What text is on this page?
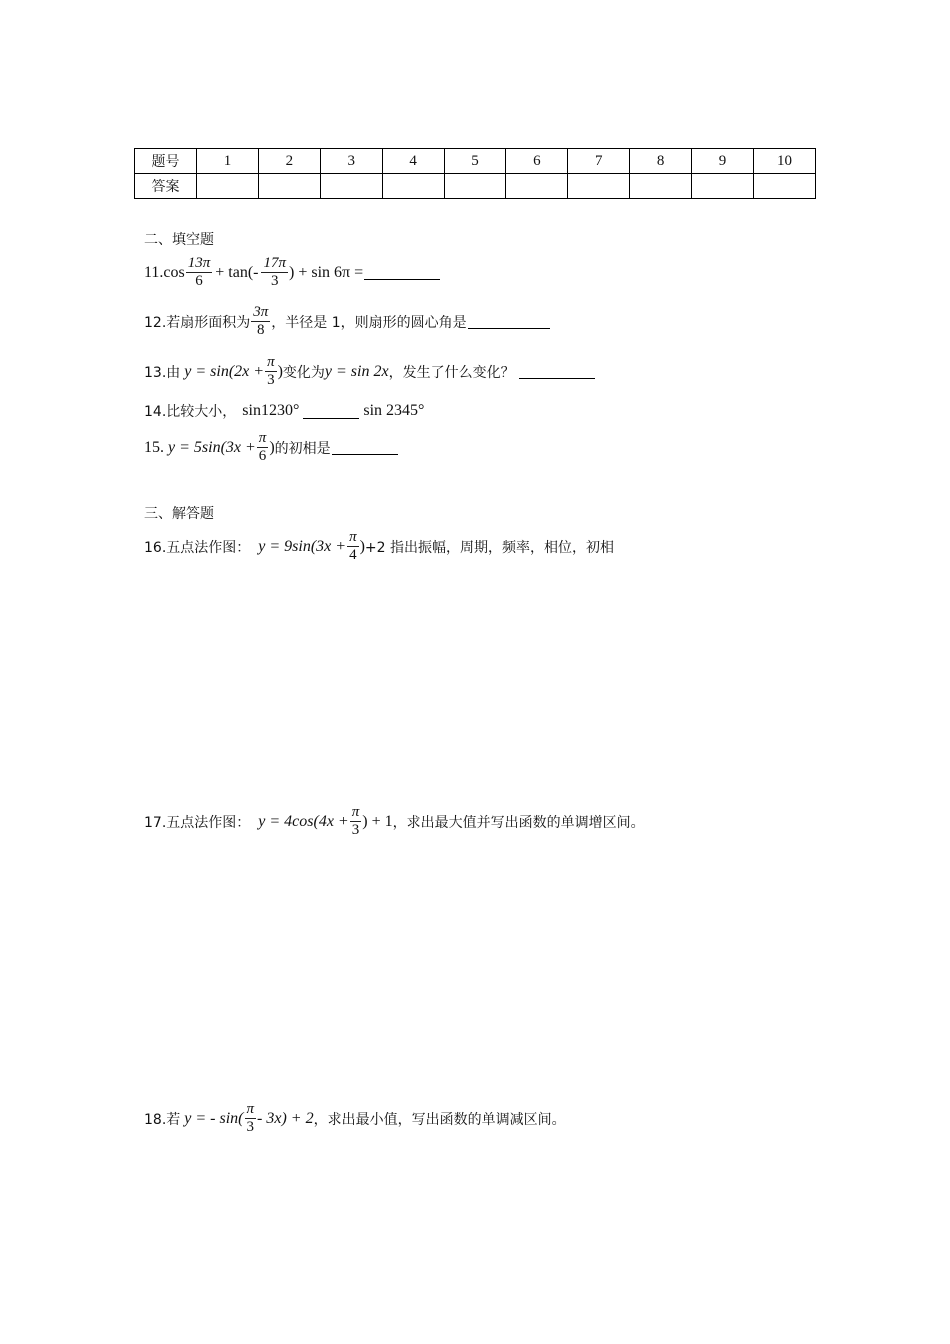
题号	1	2	3	4	5	6	7	8	9	10
答案										
二、填空题
11. $\cos \frac{13\pi}{6} + \tan(- \frac{17\pi}{3}$ ) + sin 6π =
12.若扇形面积为 $\frac{3\pi}{8}$ ，半径是 1，则扇形的圆心角是
13.由 $y = \sin(2x + \frac{\pi}{3}$ ) 变化为 y = sin 2x ，发生了什么变化？
14.比较大小， sin1230°	sin 2345°
15. $y = 5\sin(3x + \frac{\pi}{6}$ ) 的初相是
三、解答题
16.五点法作图： $y = 9\sin(3x + \frac{\pi}{4}$ ) +2 指出振幅，周期，频率，相位，初相
17.五点法作图： $y = 4\cos(4x + \frac{\pi}{3}$ ) + 1 ，求出最大值并写出函数的单调增区间。
18.若 y = - $\sin( \frac{\pi}{3} - 3x) + 2$ ，求出最小值，写出函数的单调减区间。
